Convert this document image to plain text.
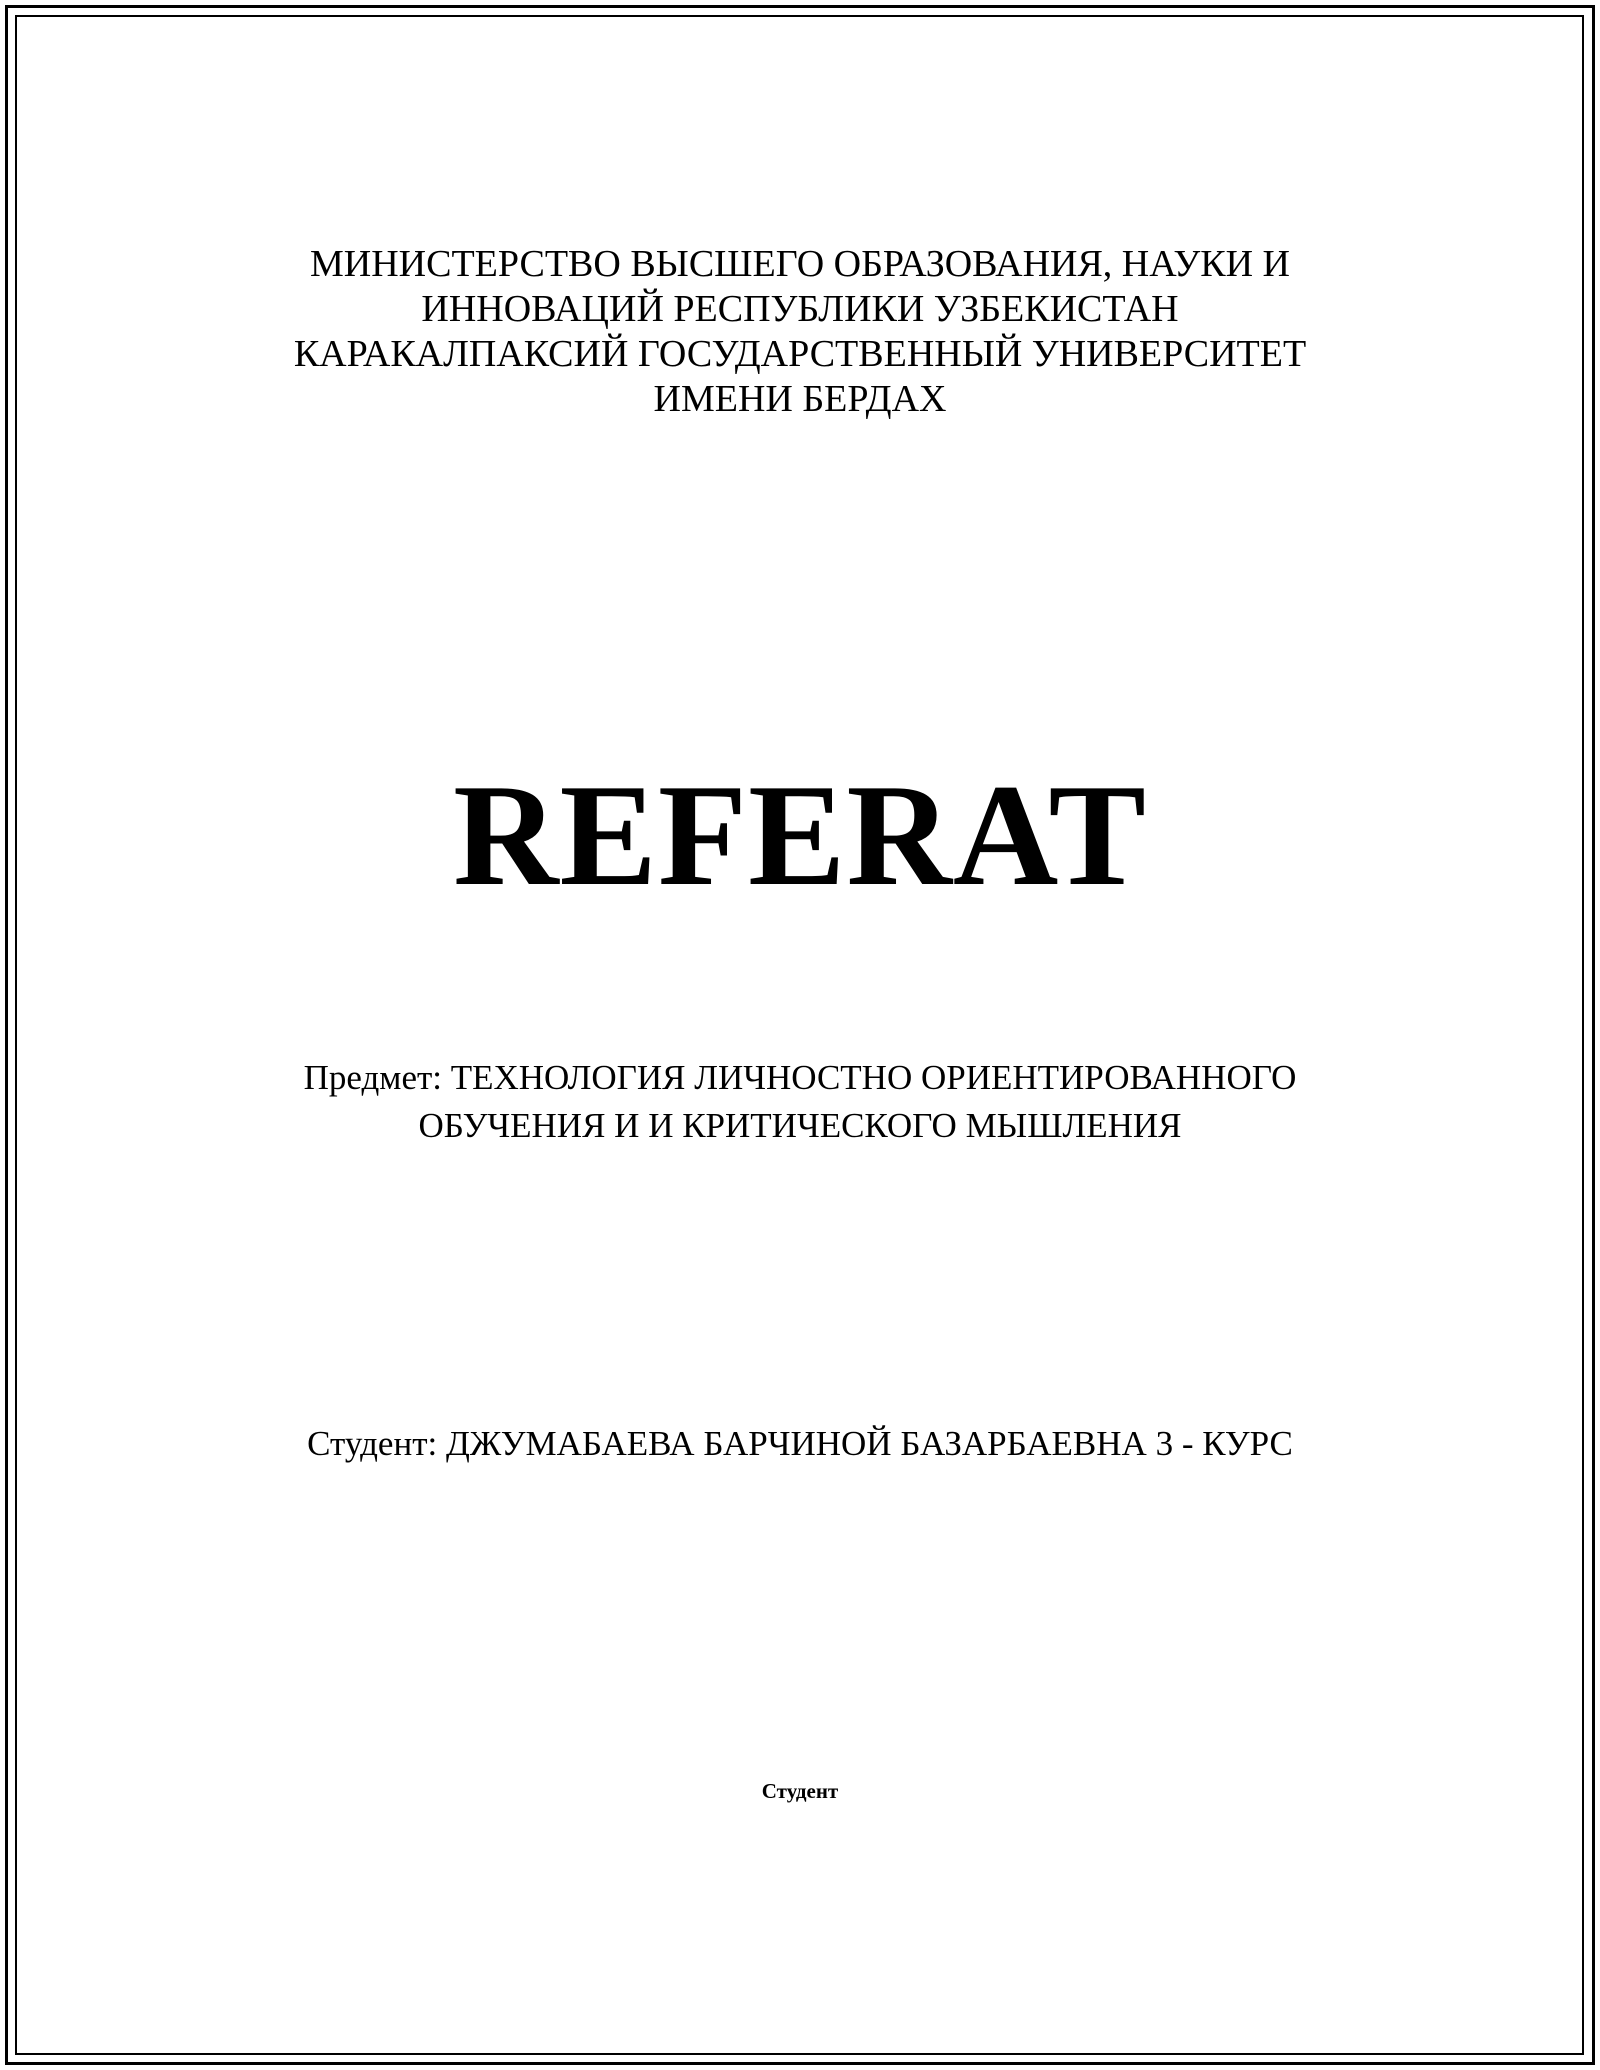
МИНИСТЕРСТВО ВЫСШЕГО ОБРАЗОВАНИЯ, НАУКИ И
ИННОВАЦИЙ РЕСПУБЛИКИ УЗБЕКИСТАН
КАРАКАЛПАКСИЙ ГОСУДАРСТВЕННЫЙ УНИВЕРСИТЕТ
ИМЕНИ БЕРДАХ
REFERAT
Предмет: ТЕХНОЛОГИЯ ЛИЧНОСТНО ОРИЕНТИРОВАННОГО
ОБУЧЕНИЯ И И КРИТИЧЕСКОГО МЫШЛЕНИЯ
Студент: ДЖУМАБАЕВА БАРЧИНОЙ БАЗАРБАЕВНА 3 - КУРС
Студент
